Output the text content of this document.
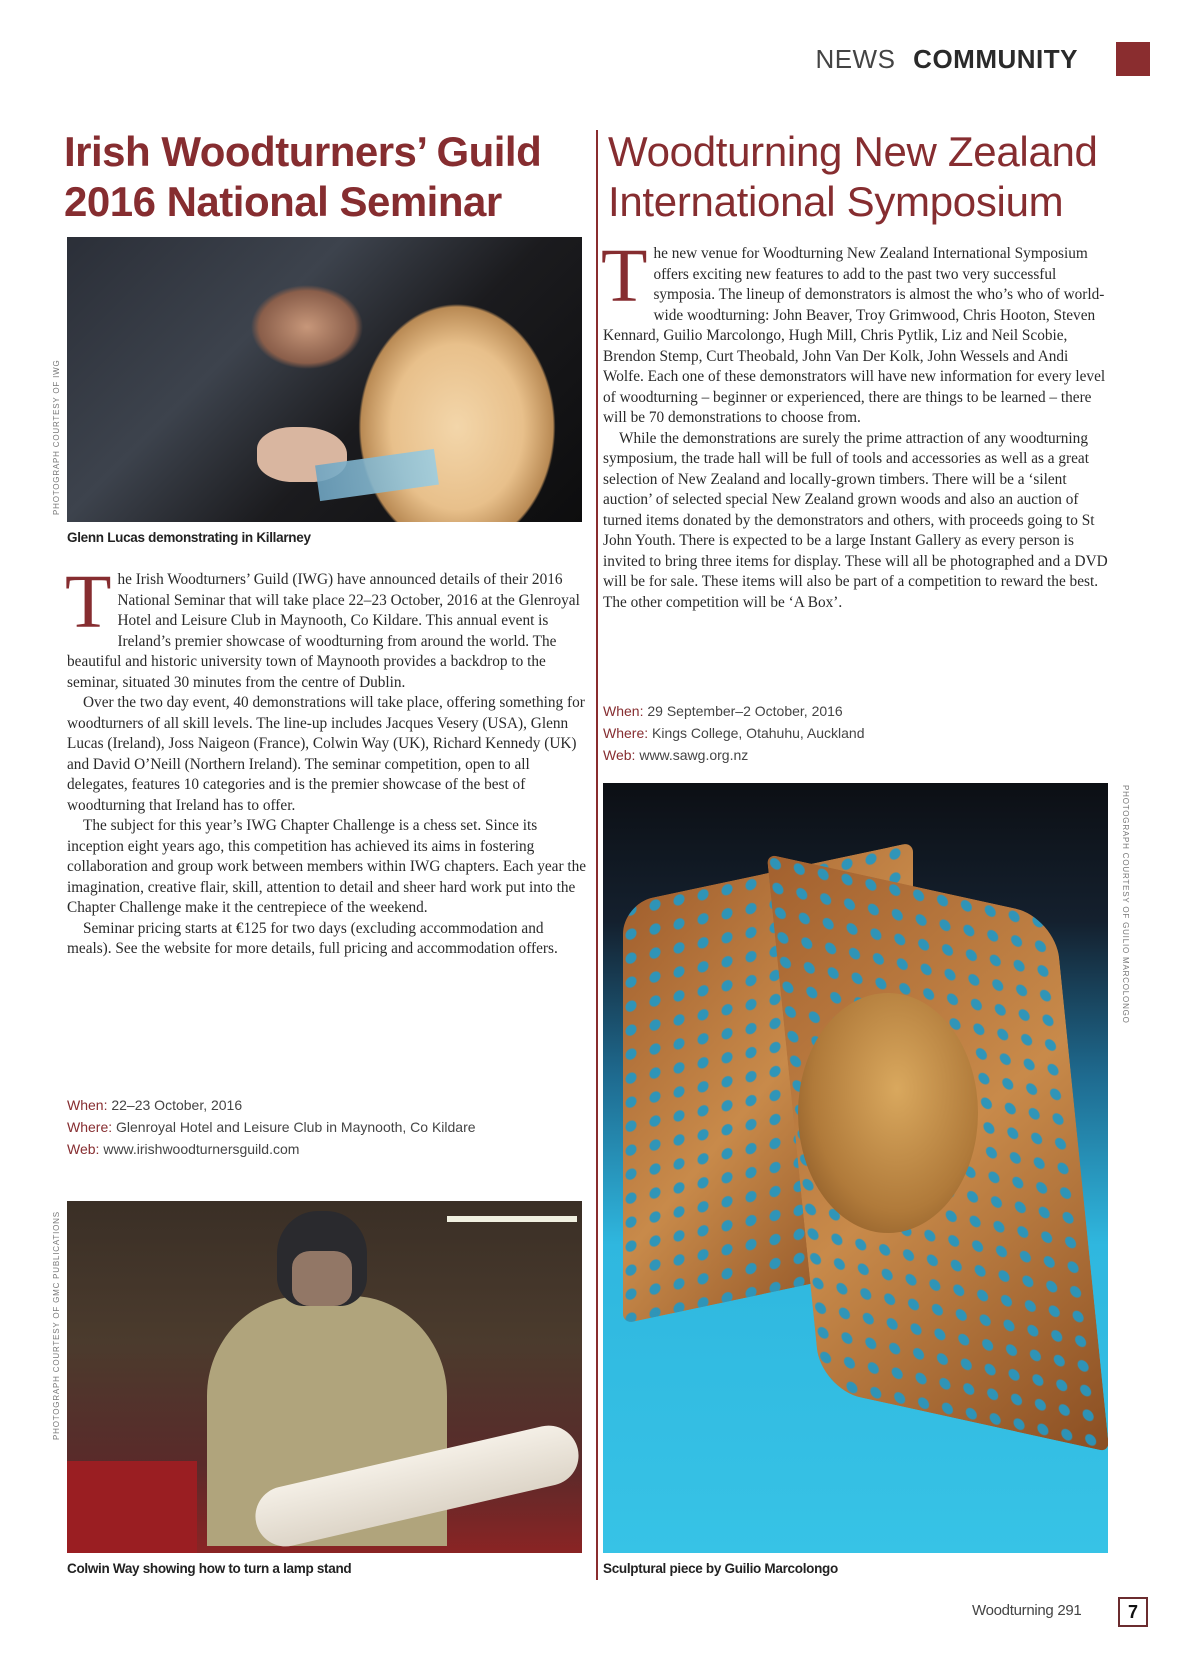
NEWS COMMUNITY
Irish Woodturners’ Guild
2016 National Seminar
PHOTOGRAPH COURTESY OF IWG
Glenn Lucas demonstrating in Killarney

The Irish Woodturners’ Guild (IWG) have announced details of their 2016 National Seminar that will take place 22–23 October, 2016 at the Glenroyal Hotel and Leisure Club in Maynooth, Co Kildare. This annual event is Ireland’s premier showcase of woodturning from around the world. The beautiful and historic university town of Maynooth provides a backdrop to the seminar, situated 30 minutes from the centre of Dublin.

Over the two day event, 40 demonstrations will take place, offering something for woodturners of all skill levels. The line-up includes Jacques Vesery (USA), Glenn Lucas (Ireland), Joss Naigeon (France), Colwin Way (UK), Richard Kennedy (UK) and David O’Neill (Northern Ireland). The seminar competition, open to all delegates, features 10 categories and is the premier showcase of the best of woodturning that Ireland has to offer.

The subject for this year’s IWG Chapter Challenge is a chess set. Since its inception eight years ago, this competition has achieved its aims in fostering collaboration and group work between members within IWG chapters. Each year the imagination, creative flair, skill, attention to detail and sheer hard work put into the Chapter Challenge make it the centrepiece of the weekend.

Seminar pricing starts at €125 for two days (excluding accommodation and meals). See the website for more details, full pricing and accommodation offers.

When: 22–23 October, 2016
Where: Glenroyal Hotel and Leisure Club in Maynooth, Co Kildare
Web: www.irishwoodturnersguild.com
PHOTOGRAPH COURTESY OF GMC PUBLICATIONS
Colwin Way showing how to turn a lamp stand
Woodturning New Zealand
International Symposium

The new venue for Woodturning New Zealand International Symposium offers exciting new features to add to the past two very successful symposia. The lineup of demonstrators is almost the who’s who of world-wide woodturning: John Beaver, Troy Grimwood, Chris Hooton, Steven Kennard, Guilio Marcolongo, Hugh Mill, Chris Pytlik, Liz and Neil Scobie, Brendon Stemp, Curt Theobald, John Van Der Kolk, John Wessels and Andi Wolfe. Each one of these demonstrators will have new information for every level of woodturning – beginner or experienced, there are things to be learned – there will be 70 demonstrations to choose from.

While the demonstrations are surely the prime attraction of any woodturning symposium, the trade hall will be full of tools and accessories as well as a great selection of New Zealand and locally-grown timbers. There will be a ‘silent auction’ of selected special New Zealand grown woods and also an auction of turned items donated by the demonstrators and others, with proceeds going to St John Youth. There is expected to be a large Instant Gallery as every person is invited to bring three items for display. These will all be photographed and a DVD will be for sale. These items will also be part of a competition to reward the best. The other competition will be ‘A Box’.

When: 29 September–2 October, 2016
Where: Kings College, Otahuhu, Auckland
Web: www.sawg.org.nz
PHOTOGRAPH COURTESY OF GUILIO MARCOLONGO
Sculptural piece by Guilio Marcolongo
Woodturning 291	7
